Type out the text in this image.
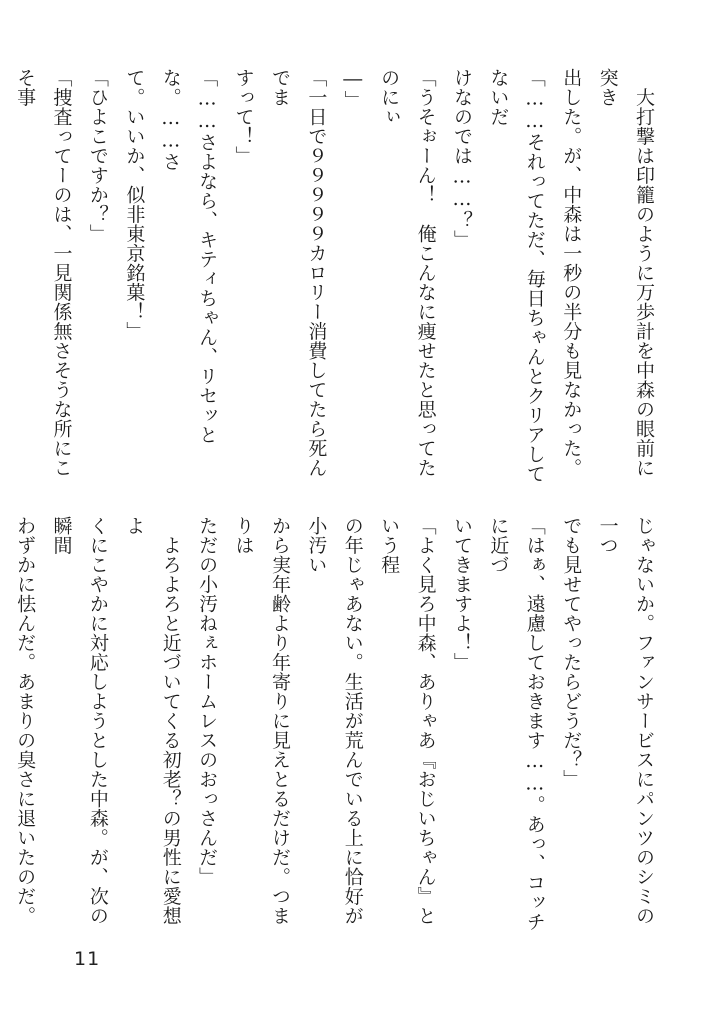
　大打撃は印籠のように万歩計を中森の眼前に突き

出した。が、中森は一秒の半分も見なかった。

「……それってただ、毎日ちゃんとクリアしてないだ

けなのでは……？」

「うそぉーん！　俺こんなに痩せたと思ってたのにぃ

―」

「一日で９９９９９カロリー消費してたら死んでま

すって！」

「……さよなら、キティちゃん、リセッとな。……さ

て。いいか、似非東京銘菓！」

「ひよこですか？」

「捜査ってーのは、一見関係無さそうな所にこそ事

じゃないか。ファンサービスにパンツのシミの一つ

でも見せてやったらどうだ？」

「はぁ、遠慮しておきます……。あっ、コッチに近づ

いてきますよ！」

「よく見ろ中森、ありゃあ『おじいちゃん』という程

の年じゃあない。生活が荒んでいる上に恰好が小汚い

から実年齢より年寄りに見えとるだけだ。つまりは

ただの小汚ねぇホームレスのおっさんだ」

　よろよろと近づいてくる初老？の男性に愛想よ

くにこやかに対応しようとした中森。が、次の瞬間

わずかに怯んだ。あまりの臭さに退いたのだ。

11
